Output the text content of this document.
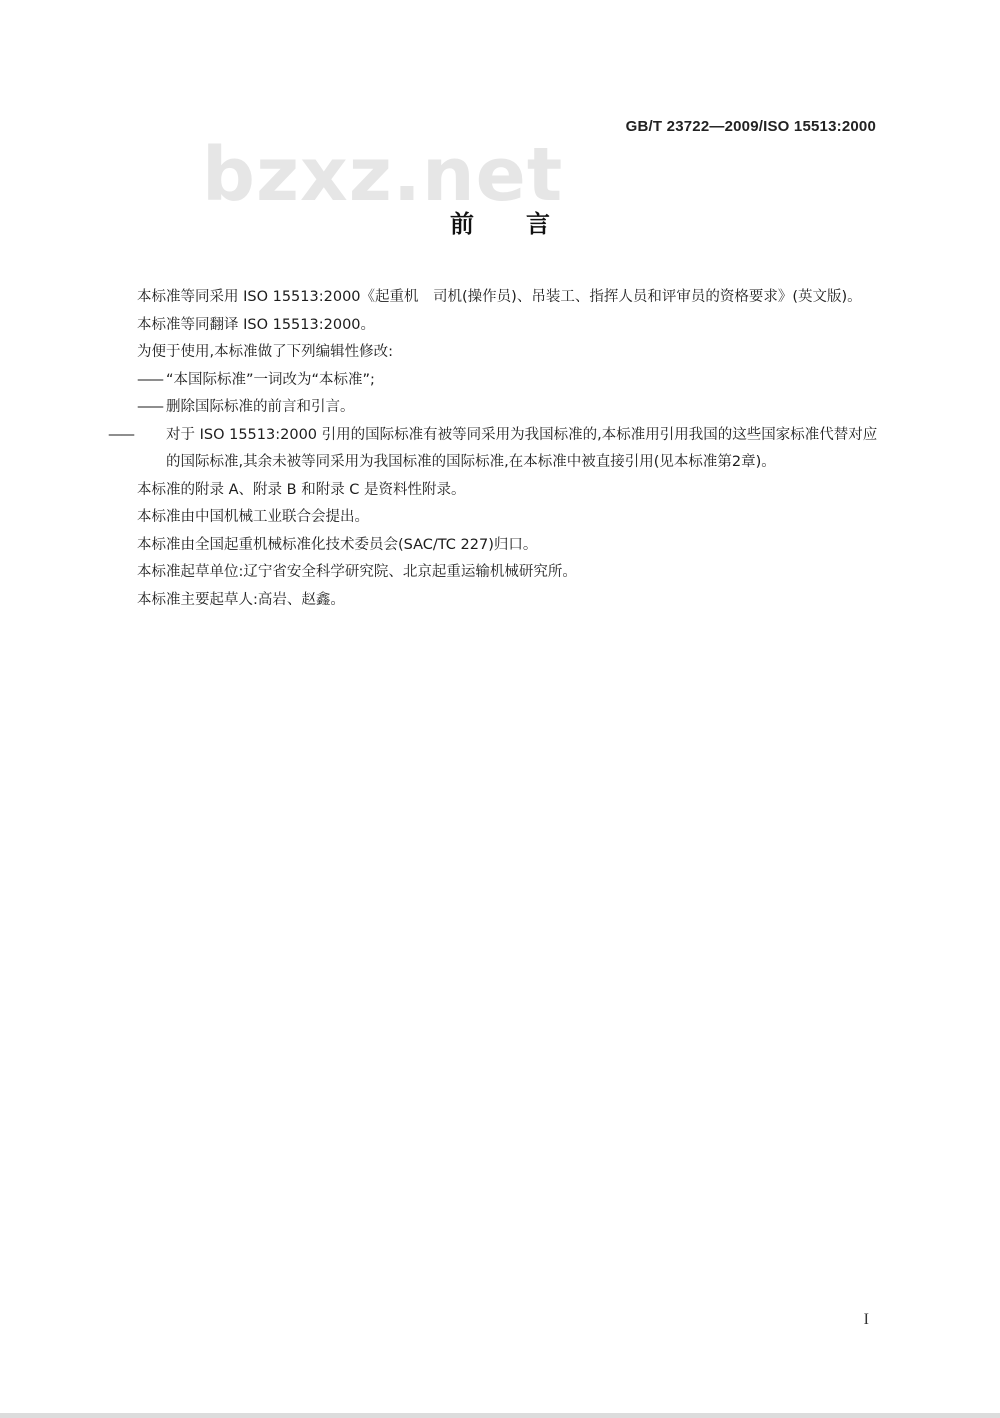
bzxz.net
GB/T 23722—2009/ISO 15513:2000
前言

本标准等同采用 ISO 15513:2000《起重机　司机(操作员)、吊装工、指挥人员和评审员的资格要求》(英文版)。

本标准等同翻译 ISO 15513:2000。

为便于使用,本标准做了下列编辑性修改:

—— “本国际标准”一词改为“本标准”;

—— 删除国际标准的前言和引言。

—— 对于 ISO 15513:2000 引用的国际标准有被等同采用为我国标准的,本标准用引用我国的这些国家标准代替对应的国际标准,其余未被等同采用为我国标准的国际标准,在本标准中被直接引用(见本标准第2章)。

本标准的附录 A、附录 B 和附录 C 是资料性附录。

本标准由中国机械工业联合会提出。

本标准由全国起重机械标准化技术委员会(SAC/TC 227)归口。

本标准起草单位:辽宁省安全科学研究院、北京起重运输机械研究所。

本标准主要起草人:高岩、赵鑫。

I
